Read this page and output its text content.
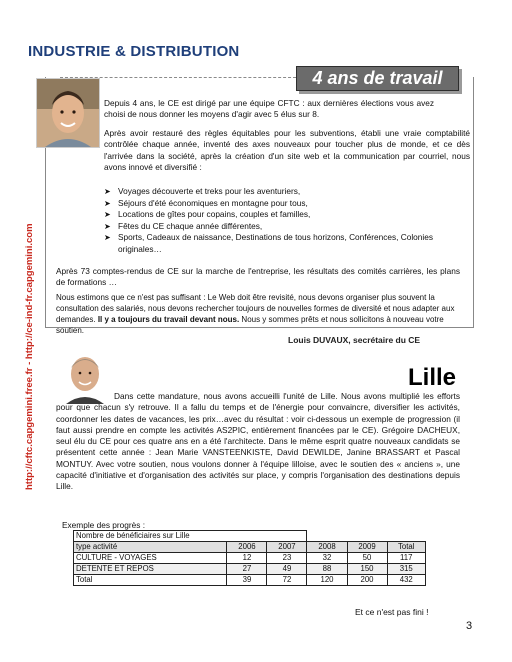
INDUSTRIE & DISTRIBUTION
4 ans de travail
http://cftc.capgemini.free.fr - http://ce-ind-fr.capgemini.com

Depuis 4 ans, le CE est dirigé par une équipe CFTC : aux dernières élections vous avez choisi de nous donner les moyens d'agir avec 5 élus sur 8.

Après avoir restauré des règles équitables pour les subventions, établi une vraie comptabilité contrôlée chaque année, inventé des axes nouveaux pour toucher plus de monde, et ce dès l'arrivée dans la société, après la création d'un site web et la communication par courriel, nous avons innové et diversifié :

➤ Voyages découverte et treks pour les aventuriers,
➤ Séjours d'été économiques en montagne pour tous,
➤ Locations de gîtes pour copains, couples et familles,
➤ Fêtes du CE chaque année différentes,
➤ Sports, Cadeaux de naissance, Destinations de tous horizons, Conférences, Colonies originales…

Après 73 comptes-rendus de CE sur la marche de l'entreprise, les résultats des comités carrières, les plans de formations …

Nous estimons que ce n'est pas suffisant : Le Web doit être revisité, nous devons organiser plus souvent la consultation des salariés, nous devons rechercher toujours de nouvelles formes de diversité et nous adapter aux demandes. Il y a toujours du travail devant nous. Nous y sommes prêts et nous sollicitons à nouveau votre soutien.

Louis DUVAUX, secrétaire du CE
Lille

Dans cette mandature, nous avons accueilli l'unité de Lille. Nous avons multiplié les efforts pour que chacun s'y retrouve. Il a fallu du temps et de l'énergie pour convaincre, diversifier les activités, coordonner les dates de vacances, les prix…avec du résultat : voir ci-dessous un exemple de progression (il faut aussi prendre en compte les activités AS2PIC, entièrement financées par le CE). Grégoire DACHEUX, seul élu du CE pour ces quatre ans en a été l'architecte. Dans le même esprit quatre nouveaux candidats se présentent cette année : Jean Marie VANSTEENKISTE, David DEWILDE, Janine BRASSART et Pascal MONTUY. Avec votre soutien, nous voulons donner à l'équipe lilloise, avec le soutien des « anciens », une capacité d'initiative et d'organisation des activités sur place, y compris l'organisation des destinations depuis Lille.

Exemple des progrès :
Nombre de bénéficiaires sur Lille					
type activité	2006	2007	2008	2009	Total
CULTURE - VOYAGES	12	23	32	50	117
DETENTE ET REPOS	27	49	88	150	315
Total	39	72	120	200	432
Et ce n'est pas fini !
3
